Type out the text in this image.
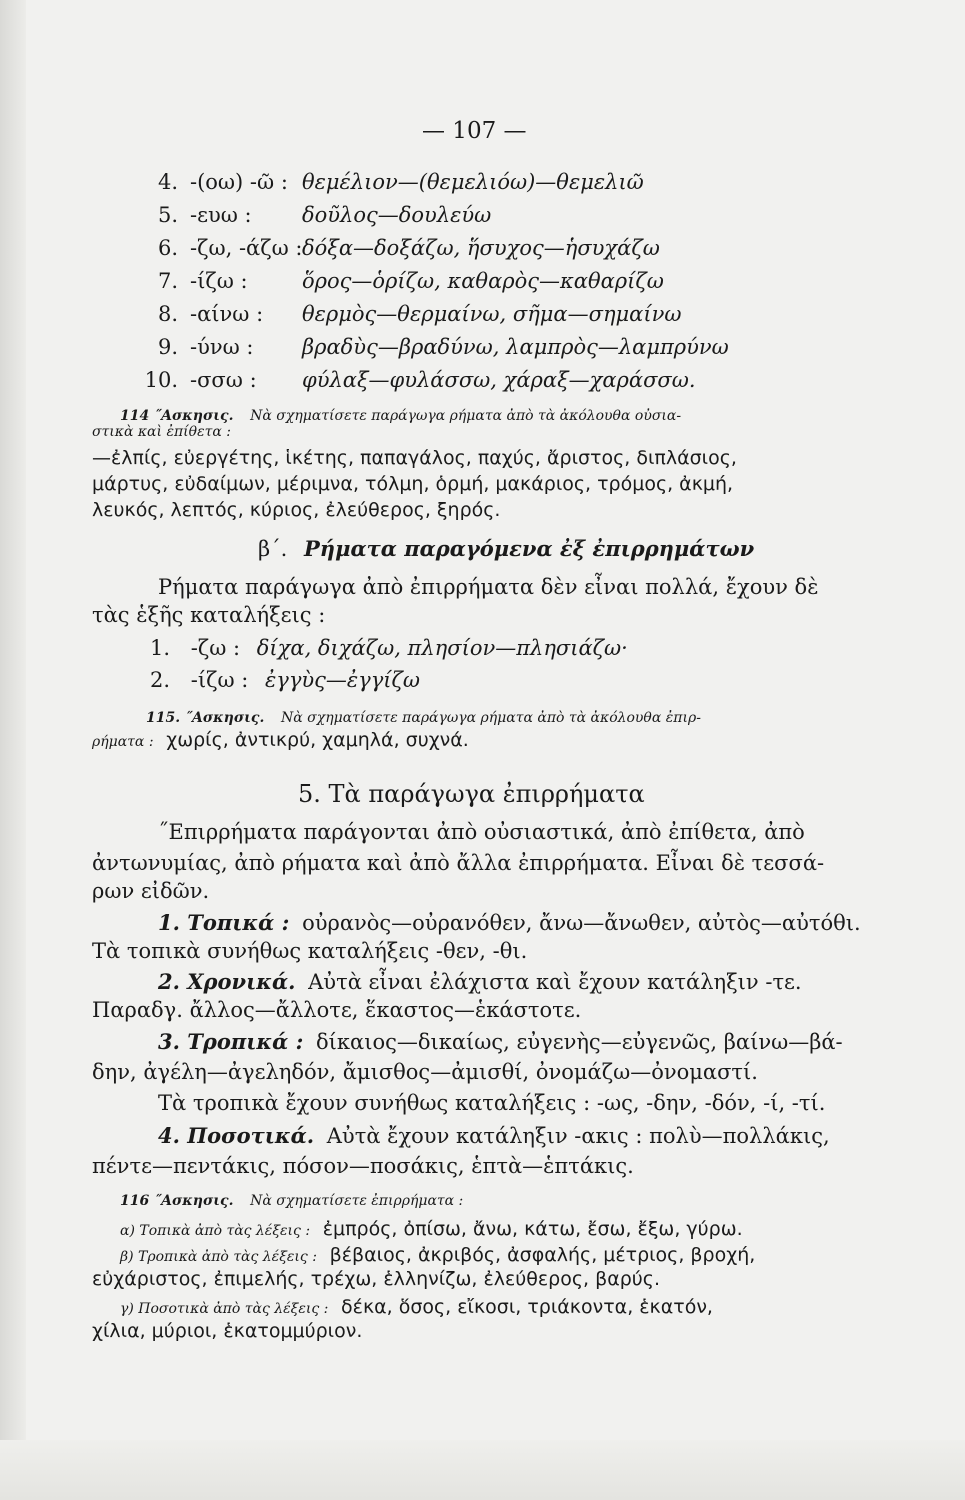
— 107 —
4. -(οω) -ῶ : θεμέλιον—(θεμελιόω)—θεμελιῶ
5. -ευω : δοῦλος—δουλεύω
6. -ζω, -άζω :δόξα—δοξάζω, ἥσυχος—ἡσυχάζω
7. -ίζω :	ὅρος—ὁρίζω, καθαρὸς—καθαρίζω
8. -αίνω : θερμὸς—θερμαίνω, σῆμα—σημαίνω
9. -ύνω : βραδὺς—βραδύνω, λαμπρὸς—λαμπρύνω
10. -σσω : φύλαξ—φυλάσσω, χάραξ—χαράσσω.
114 ˝Ασκησις. Νὰ σχηματίσετε παράγωγα ρήματα ἀπὸ τὰ ἀκόλουθα οὐσια-
στικὰ καὶ ἐπίθετα :
—ἐλπίς, εὐεργέτης, ἱκέτης, παπαγάλος, παχύς, ἄριστος, διπλάσιος,
μάρτυς, εὐδαίμων, μέριμνα, τόλμη, ὁρμή, μακάριος, τρόμος, ἀκμή,
λευκός, λεπτός, κύριος, ἐλεύθερος, ξηρός.
β΄. Ρήματα παραγόμενα ἐξ ἐπιρρημάτων
Ρήματα παράγωγα ἀπὸ ἐπιρρήματα δὲν εἶναι πολλά, ἔχουν δὲ
τὰς ἑξῆς καταλήξεις :
1. -ζω : δίχα, διχάζω, πλησίον—πλησιάζω·
2. -ίζω : ἐγγὺς—ἐγγίζω
115. ˝Ασκησις. Νὰ σχηματίσετε παράγωγα ρήματα ἀπὸ τὰ ἀκόλουθα ἐπιρ-
ρήματα : χωρίς, ἀντικρύ, χαμηλά, συχνά.
5. Τὰ παράγωγα ἐπιρρήματα
˝Επιρρήματα παράγονται ἀπὸ οὐσιαστικά, ἀπὸ ἐπίθετα, ἀπὸ
ἀντωνυμίας, ἀπὸ ρήματα καὶ ἀπὸ ἄλλα ἐπιρρήματα. Εἶναι δὲ τεσσά-
ρων εἰδῶν.
1. Τοπικά : οὐρανὸς—οὐρανόθεν, ἄνω—ἄνωθεν, αὐτὸς—αὐτόθι.
Τὰ τοπικὰ συνήθως καταλήξεις -θεν, -θι.
2. Χρονικά. Αὐτὰ εἶναι ἐλάχιστα καὶ ἔχουν κατάληξιν -τε.
Παραδγ. ἄλλος—ἄλλοτε, ἕκαστος—ἑκάστοτε.
3. Τροπικά : δίκαιος—δικαίως, εὐγενὴς—εὐγενῶς, βαίνω—βά-
δην, ἀγέλη—ἀγεληδόν, ἄμισθος—ἀμισθί, ὀνομάζω—ὀνομαστί.
Τὰ τροπικὰ ἔχουν συνήθως καταλήξεις : -ως, -δην, -δόν, -ί, -τί.
4. Ποσοτικά. Αὐτὰ ἔχουν κατάληξιν -ακις : πολὺ—πολλάκις,
πέντε—πεντάκις, πόσον—ποσάκις, ἑπτὰ—ἑπτάκις.
116 ˝Ασκησις. Νὰ σχηματίσετε ἐπιρρήματα :
α) Τοπικὰ ἀπὸ τὰς λέξεις : ἐμπρός, ὀπίσω, ἄνω, κάτω, ἔσω, ἔξω, γύρω.
β) Τροπικὰ ἀπὸ τὰς λέξεις : βέβαιος, ἀκριβός, ἀσφαλής, μέτριος, βροχή,
εὐχάριστος, ἐπιμελής, τρέχω, ἑλληνίζω, ἐλεύθερος, βαρύς.
γ) Ποσοτικὰ ἀπὸ τὰς λέξεις : δέκα, ὅσος, εἴκοσι, τριάκοντα, ἑκατόν,
χίλια, μύριοι, ἑκατομμύριον.
